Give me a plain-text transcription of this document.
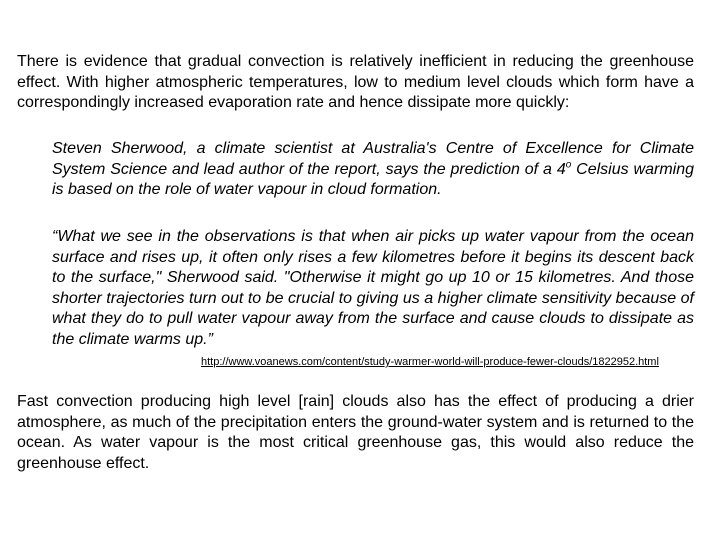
There is evidence that gradual convection is relatively inefficient in reducing the greenhouse effect. With higher atmospheric temperatures, low to medium level clouds which form have a correspondingly increased evaporation rate and hence dissipate more quickly:

Steven Sherwood, a climate scientist at Australia's Centre of Excellence for Climate System Science and lead author of the report, says the prediction of a 4$^o$ Celsius warming is based on the role of water vapour in cloud formation.

“What we see in the observations is that when air picks up water vapour from the ocean surface and rises up, it often only rises a few kilometres before it begins its descent back to the surface," Sherwood said. "Otherwise it might go up 10 or 15 kilometres. And those shorter trajectories turn out to be crucial to giving us a higher climate sensitivity because of what they do to pull water vapour away from the surface and cause clouds to dissipate as the climate warms up.”

http://www.voanews.com/content/study-warmer-world-will-produce-fewer-clouds/1822952.html

Fast convection producing high level [rain] clouds also has the effect of producing a drier atmosphere, as much of the precipitation enters the ground-water system and is returned to the ocean. As water vapour is the most critical greenhouse gas, this would also reduce the greenhouse effect.
